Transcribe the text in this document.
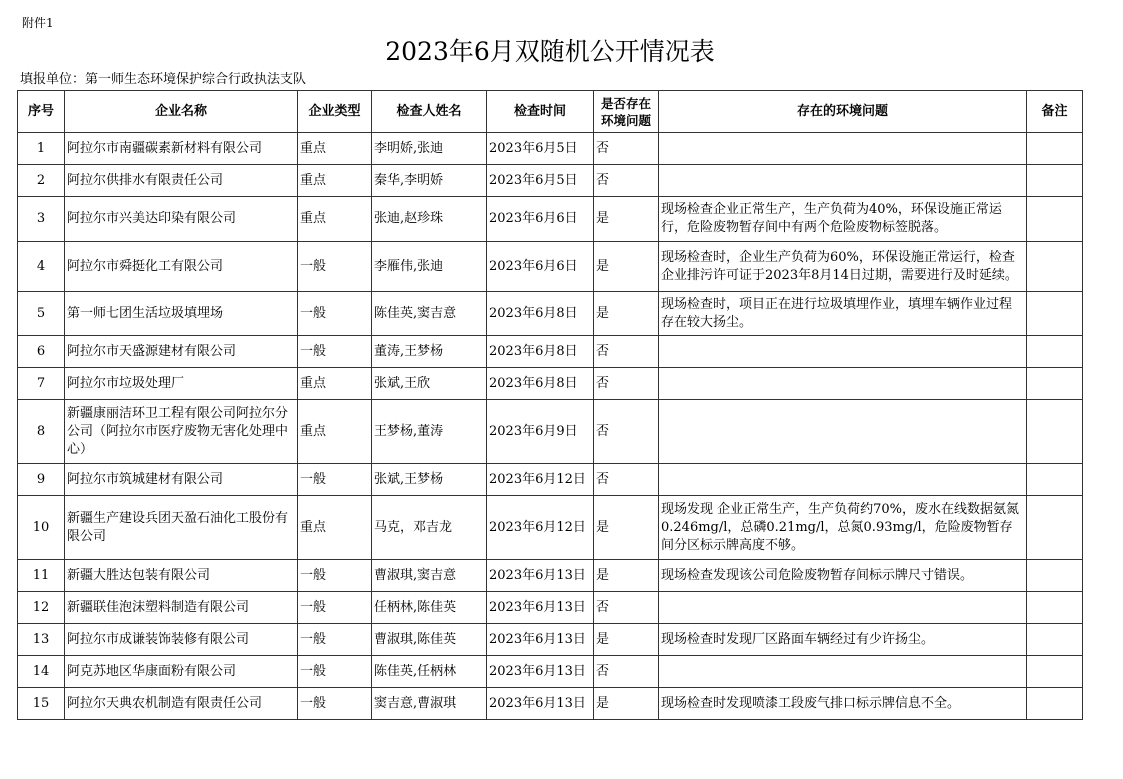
附件1
2023年6月双随机公开情况表
填报单位：第一师生态环境保护综合行政执法支队
序号	企业名称	企业类型	检查人姓名	检查时间	是否存在环境问题	存在的环境问题	备注
1	阿拉尔市南疆碳素新材料有限公司	重点	李明娇,张迪	2023年6月5日	否		
2	阿拉尔供排水有限责任公司	重点	秦华,李明娇	2023年6月5日	否		
3	阿拉尔市兴美达印染有限公司	重点	张迪,赵珍珠	2023年6月6日	是	现场检查企业正常生产，生产负荷为40%，环保设施正常运行，危险废物暂存间中有两个危险废物标签脱落。	
4	阿拉尔市舜挺化工有限公司	一般	李雁伟,张迪	2023年6月6日	是	现场检查时，企业生产负荷为60%，环保设施正常运行，检查企业排污许可证于2023年8月14日过期，需要进行及时延续。	
5	第一师七团生活垃圾填埋场	一般	陈佳英,窦吉意	2023年6月8日	是	现场检查时，项目正在进行垃圾填埋作业，填埋车辆作业过程存在较大扬尘。	
6	阿拉尔市天盛源建材有限公司	一般	董涛,王梦杨	2023年6月8日	否		
7	阿拉尔市垃圾处理厂	重点	张斌,王欣	2023年6月8日	否		
8	新疆康丽洁环卫工程有限公司阿拉尔分公司（阿拉尔市医疗废物无害化处理中心）	重点	王梦杨,董涛	2023年6月9日	否		
9	阿拉尔市筑城建材有限公司	一般	张斌,王梦杨	2023年6月12日	否		
10	新疆生产建设兵团天盈石油化工股份有限公司	重点	马克，邓吉龙	2023年6月12日	是	现场发现 企业正常生产，生产负荷约70%，废水在线数据氨氮0.246mg/l，总磷0.21mg/l，总氮0.93mg/l，危险废物暂存间分区标示牌高度不够。	
11	新疆大胜达包装有限公司	一般	曹淑琪,窦吉意	2023年6月13日	是	现场检查发现该公司危险废物暂存间标示牌尺寸错误。	
12	新疆联佳泡沫塑料制造有限公司	一般	任柄林,陈佳英	2023年6月13日	否		
13	阿拉尔市成谦装饰装修有限公司	一般	曹淑琪,陈佳英	2023年6月13日	是	现场检查时发现厂区路面车辆经过有少许扬尘。	
14	阿克苏地区华康面粉有限公司	一般	陈佳英,任柄林	2023年6月13日	否		
15	阿拉尔天典农机制造有限责任公司	一般	窦吉意,曹淑琪	2023年6月13日	是	现场检查时发现喷漆工段废气排口标示牌信息不全。	
